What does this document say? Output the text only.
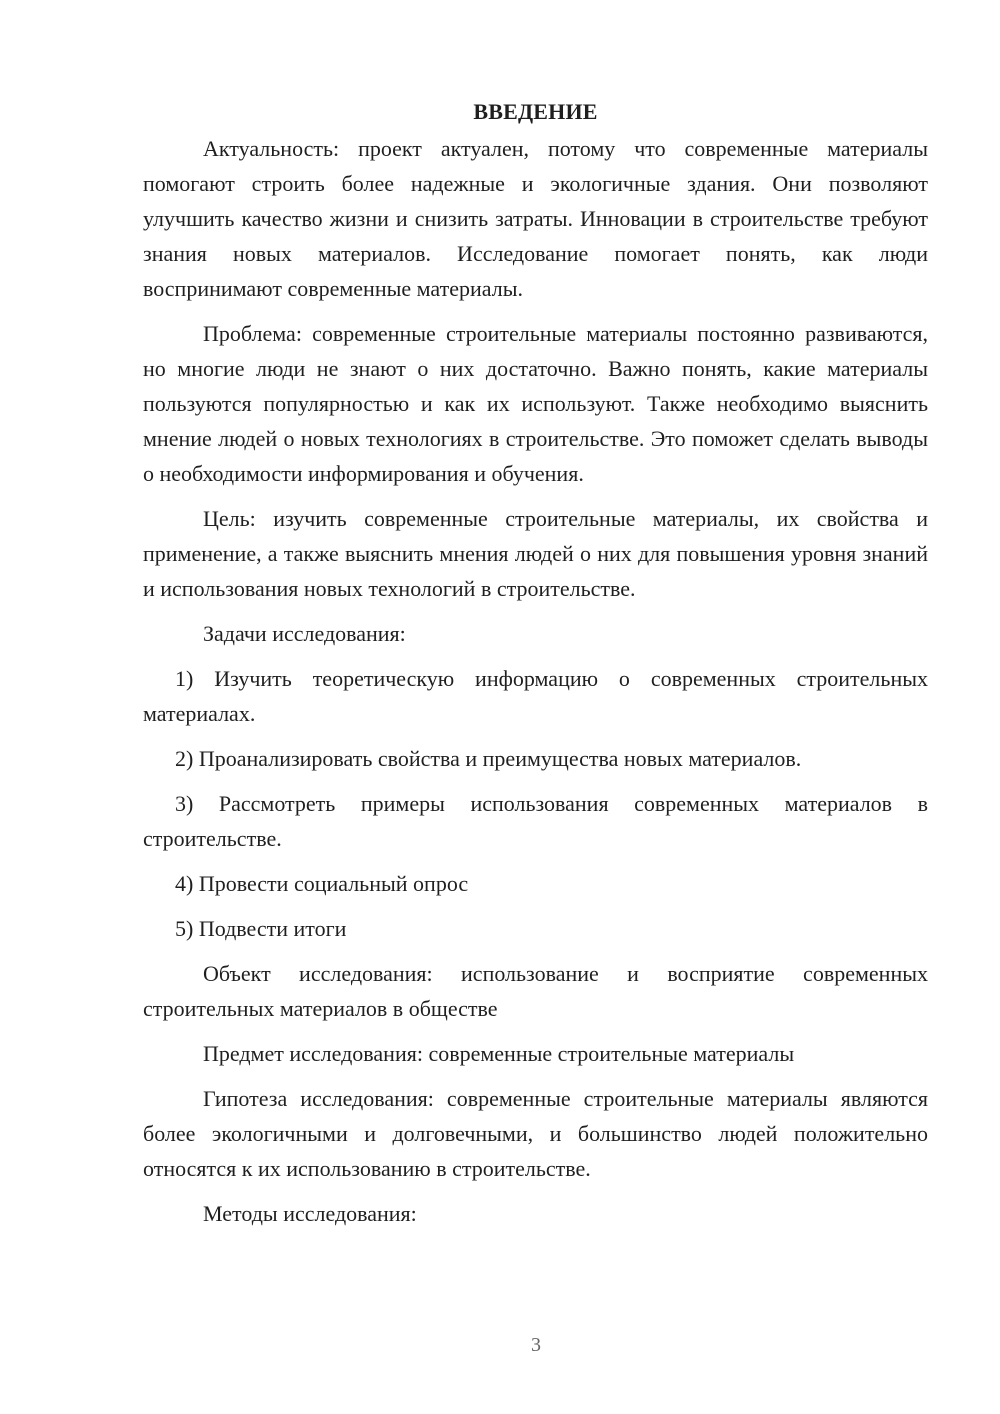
ВВЕДЕНИЕ

Актуальность: проект актуален, потому что современные материалы помогают строить более надежные и экологичные здания. Они позволяют улучшить качество жизни и снизить затраты. Инновации в строительстве требуют знания новых материалов. Исследование помогает понять, как люди воспринимают современные материалы.

Проблема: современные строительные материалы постоянно развиваются, но многие люди не знают о них достаточно. Важно понять, какие материалы пользуются популярностью и как их используют. Также необходимо выяснить мнение людей о новых технологиях в строительстве. Это поможет сделать выводы о необходимости информирования и обучения.

Цель: изучить современные строительные материалы, их свойства и применение, а также выяснить мнения людей о них для повышения уровня знаний и использования новых технологий в строительстве.

Задачи исследования:

1) Изучить теоретическую информацию о современных строительных материалах.

2) Проанализировать свойства и преимущества новых материалов.

3) Рассмотреть примеры использования современных материалов в строительстве.

4) Провести социальный опрос

5) Подвести итоги

Объект исследования: использование и восприятие современных строительных материалов в обществе

Предмет исследования: современные строительные материалы

Гипотеза исследования: современные строительные материалы являются более экологичными и долговечными, и большинство людей положительно относятся к их использованию в строительстве.

Методы исследования:

3
